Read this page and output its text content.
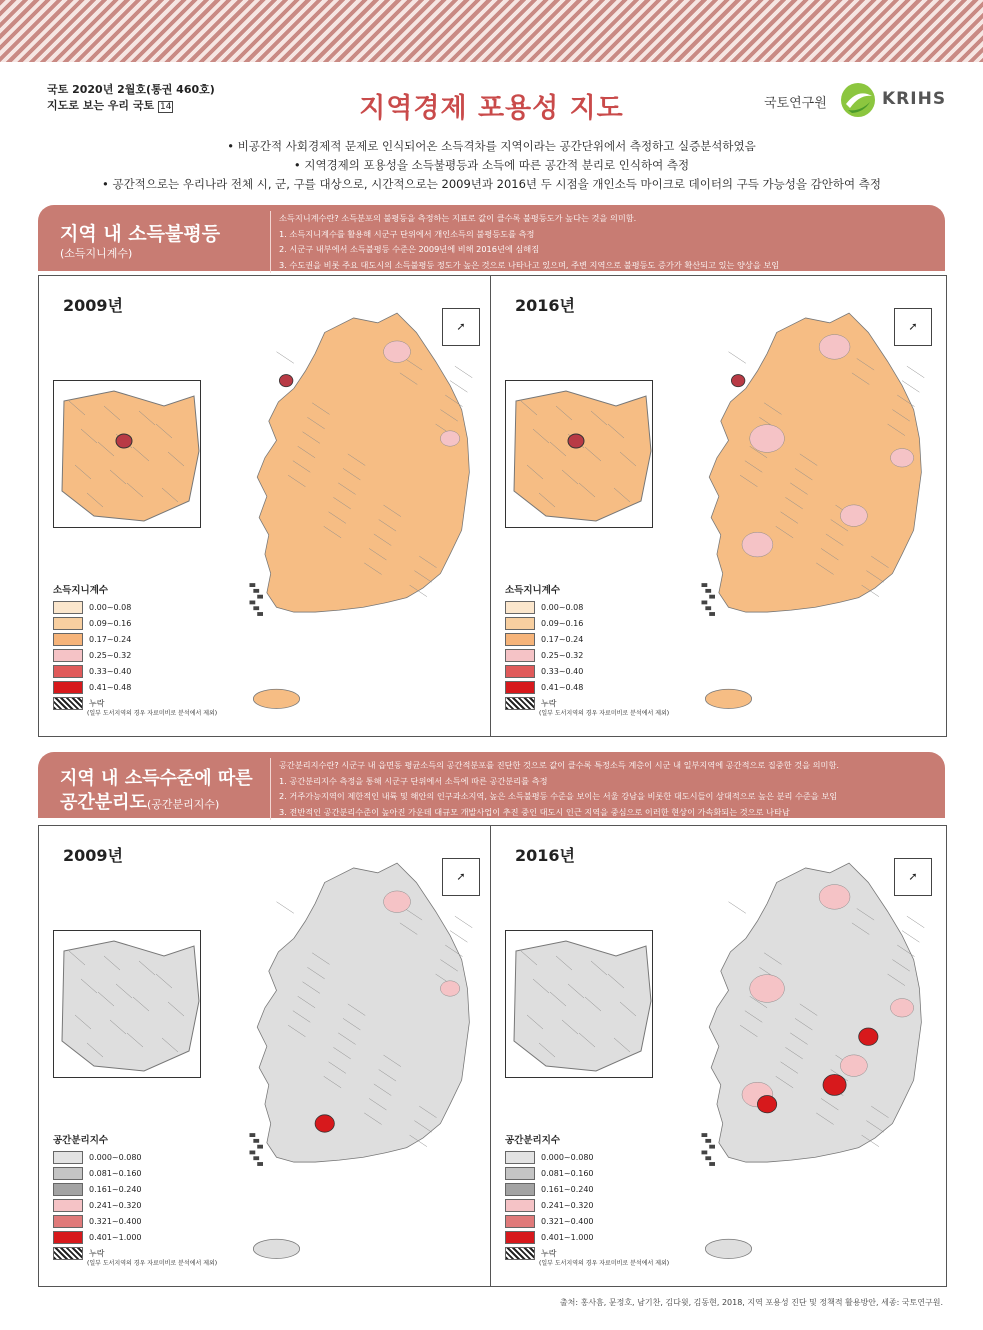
국토 2020년 2월호(통권 460호)
지도로 보는 우리 국토 14	지역경제 포용성 지도	국토연구원	KRIHS
• 비공간적 사회경제적 문제로 인식되어온 소득격차를 지역이라는 공간단위에서 측정하고 실증분석하였음
• 지역경제의 포용성을 소득불평등과 소득에 따른 공간적 분리로 인식하여 측정
• 공간적으로는 우리나라 전체 시, 군, 구를 대상으로, 시간적으로는 2009년과 2016년 두 시점을 개인소득 마이크로 데이터의 구득 가능성을 감안하여 측정
지역 내 소득불평등
(소득지니계수)
소득지니계수란? 소득분포의 불평등을 측정하는 지표로 값이 클수록 불평등도가 높다는 것을 의미함.
1. 소득지니계수를 활용해 시군구 단위에서 개인소득의 불평등도를 측정
2. 시군구 내부에서 소득불평등 수준은 2009년에 비해 2016년에 심해짐
3. 수도권을 비롯 주요 대도시의 소득불평등 정도가 높은 것으로 나타나고 있으며, 주변 지역으로 불평등도 증가가 확산되고 있는 양상을 보임
지역 내 소득수준에 따른
공간분리도(공간분리지수)
공간분리지수란? 시군구 내 읍면동 평균소득의 공간적분포를 진단한 것으로 값이 클수록 특정소득 계층이 시군 내 일부지역에 공간적으로 집중한 것을 의미함.
1. 공간분리지수 측정을 통해 시군구 단위에서 소득에 따른 공간분리를 측정
2. 거주가능지역이 제한적인 내륙 및 해안의 인구과소지역, 높은 소득불평등 수준을 보이는 서울 강남을 비롯한 대도시들이 상대적으로 높은 분리 수준을 보임
3. 전반적인 공간분리수준이 높아진 가운데 대규모 개발사업이 추진 중인 대도시 인근 지역을 중심으로 이러한 현상이 가속화되는 것으로 나타남
2009년
➚
소득지니계수
0.00~0.08
0.09~0.16
0.17~0.24
0.25~0.32
0.33~0.40
0.41~0.48
누락
(일부 도서지역의 경우 자료미비로 분석에서 제외)
2016년
➚
소득지니계수
0.00~0.08
0.09~0.16
0.17~0.24
0.25~0.32
0.33~0.40
0.41~0.48
누락
(일부 도서지역의 경우 자료미비로 분석에서 제외)
2009년
➚
공간분리지수
0.000~0.080
0.081~0.160
0.161~0.240
0.241~0.320
0.321~0.400
0.401~1.000
누락
(일부 도서지역의 경우 자료미비로 분석에서 제외)
2016년
➚
공간분리지수
0.000~0.080
0.081~0.160
0.161~0.240
0.241~0.320
0.321~0.400
0.401~1.000
누락
(일부 도서지역의 경우 자료미비로 분석에서 제외)
출처: 홍사흠, 문정호, 남기찬, 김다윗, 김동현, 2018, 지역 포용성 진단 및 정책적 활용방안, 세종: 국토연구원.
